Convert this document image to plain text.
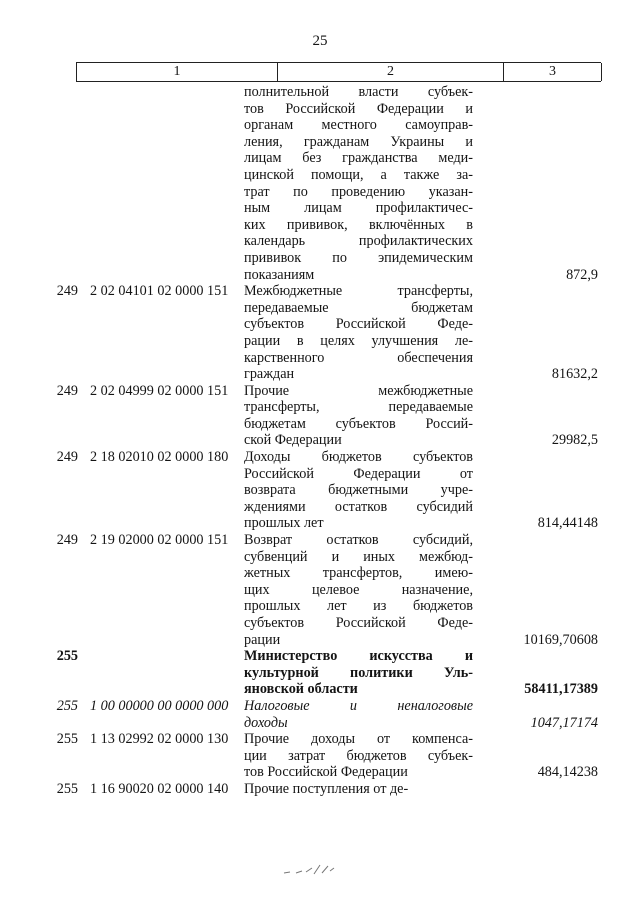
25
1	2	3
полнительной власти субъек-
тов Российской Федерации и
органам местного самоуправ-
ления, гражданам Украины и
лицам без гражданства меди-
цинской помощи, а также за-
трат по проведению указан-
ным лицам профилактичес-
ких прививок, включённых в
календарь профилактических
прививок по эпидемическим
показаниям	872,9
249 2 02 04101 02 0000 151	Межбюджетные трансферты,
передаваемые бюджетам
субъектов Российской Феде-
рации в целях улучшения ле-
карственного обеспечения
граждан	81632,2
249 2 02 04999 02 0000 151	Прочие межбюджетные
трансферты, передаваемые
бюджетам субъектов Россий-
ской Федерации	29982,5
249 2 18 02010 02 0000 180	Доходы бюджетов субъектов
Российской Федерации от
возврата бюджетными учре-
ждениями остатков субсидий
прошлых лет	814,44148
249 2 19 02000 02 0000 151	Возврат остатков субсидий,
субвенций и иных межбюд-
жетных трансфертов, имею-
щих целевое назначение,
прошлых лет из бюджетов
субъектов Российской Феде-
рации	10169,70608
255	Министерство искусства и
культурной политики Уль-
яновской области	58411,17389
255 1 00 00000 00 0000 000	Налоговые и неналоговые
доходы	1047,17174
255 1 13 02992 02 0000 130	Прочие доходы от компенса-
ции затрат бюджетов субъек-
тов Российской Федерации	484,14238
255 1 16 90020 02 0000 140	Прочие поступления от де-
